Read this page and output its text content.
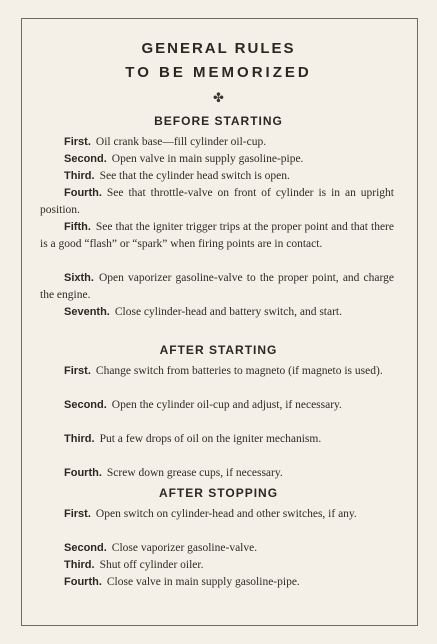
GENERAL RULES
TO BE MEMORIZED
✤
BEFORE STARTING
First. Oil crank base—fill cylinder oil-cup.
Second. Open valve in main supply gasoline-pipe.
Third. See that the cylinder head switch is open.
Fourth. See that throttle-valve on front of cylinder is in an upright position.
Fifth. See that the igniter trigger trips at the proper point and that there is a good “flash” or “spark” when firing points are in contact.
Sixth. Open vaporizer gasoline-valve to the proper point, and charge the engine.
Seventh. Close cylinder-head and battery switch, and start.
AFTER STARTING
First. Change switch from batteries to magneto (if magneto is used).
Second. Open the cylinder oil-cup and adjust, if necessary.
Third. Put a few drops of oil on the igniter mechanism.
Fourth. Screw down grease cups, if necessary.
AFTER STOPPING
First. Open switch on cylinder-head and other switches, if any.
Second. Close vaporizer gasoline-valve.
Third. Shut off cylinder oiler.
Fourth. Close valve in main supply gasoline-pipe.
